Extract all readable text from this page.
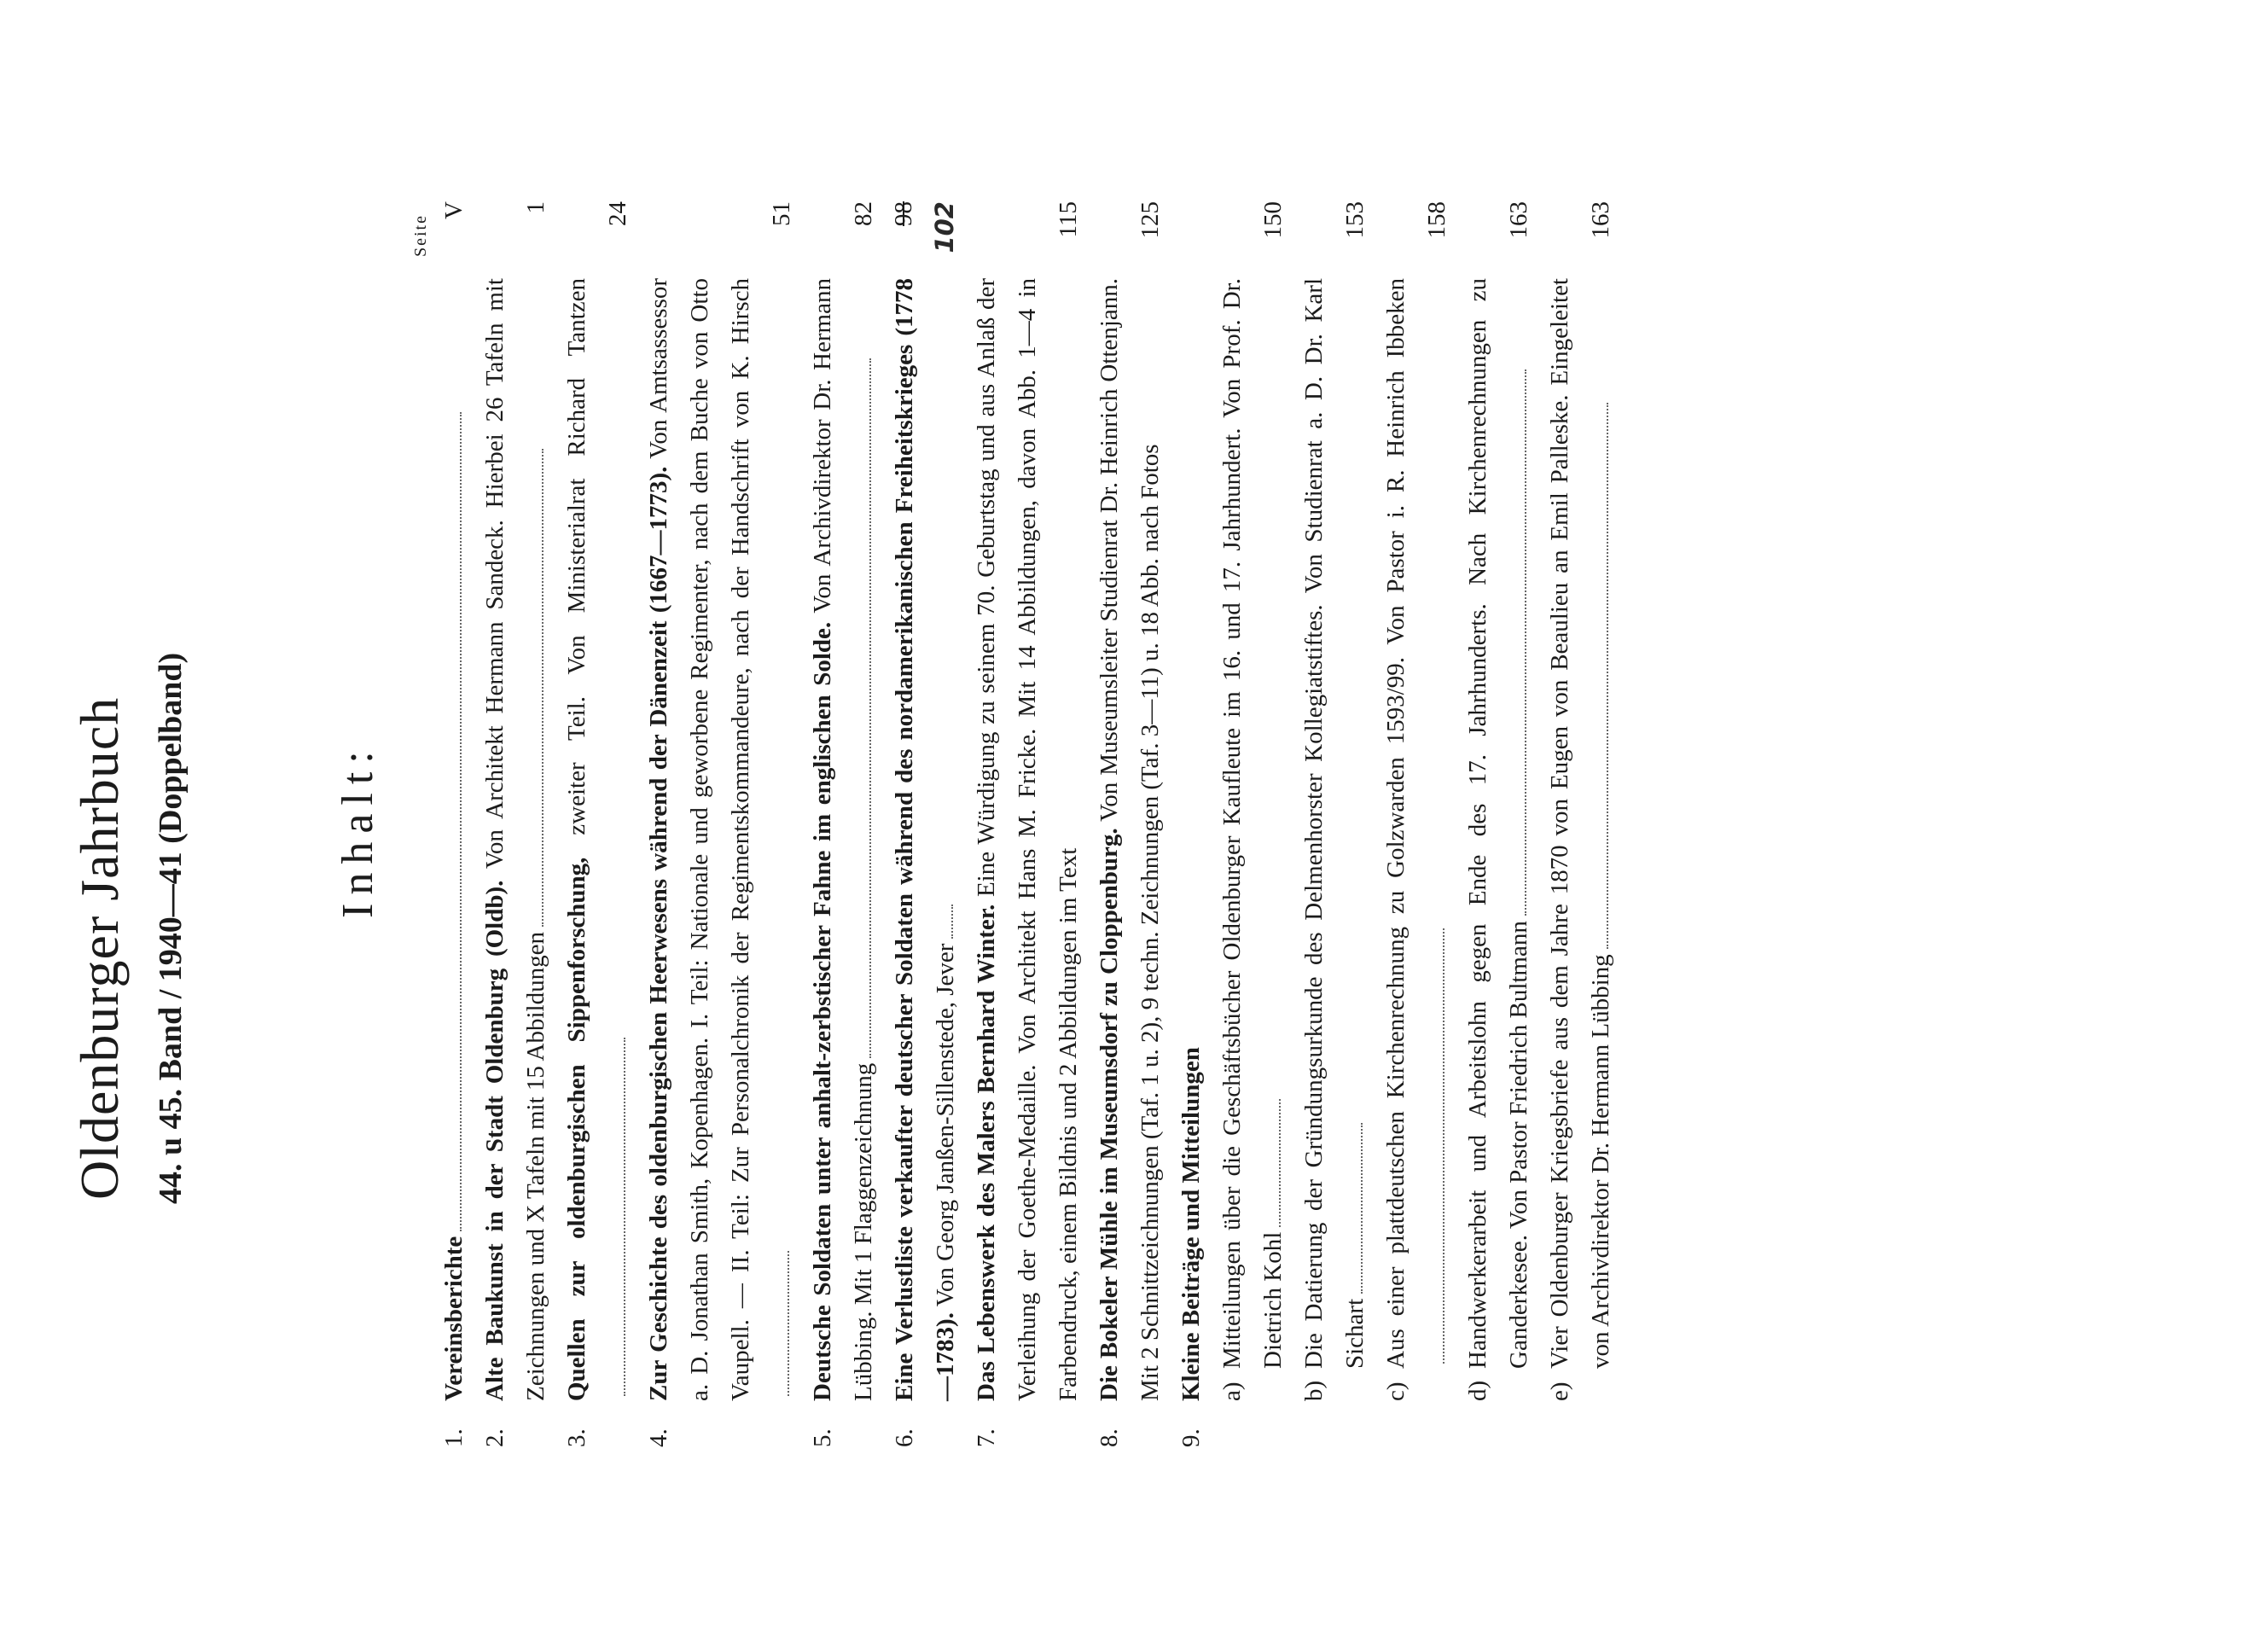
Oldenburger Jahrbuch 44. u 45. Band / 1940—41 (Doppelband)	Inhalt:
Seite
1.
Vereinsberichte
V
2.
Alte Baukunst in der Stadt Oldenburg (Oldb). Von Architekt Hermann Sandeck. Hierbei 26 Tafeln mit Zeichnungen und X Tafeln mit 15 Abbildungen
1
3.
Quellen zur oldenburgischen Sippenforschung, zweiter Teil. Von Ministerialrat Richard Tantzen
24
4.
Zur Geschichte des oldenburgischen Heerwesens während der Dänenzeit (1667—1773). Von Amtsassessor a. D. Jonathan Smith, Kopenhagen. I. Teil: Nationale und geworbene Regimenter, nach dem Buche von Otto Vaupell. — II. Teil: Zur Personalchronik der Regimentskommandeure, nach der Handschrift von K. Hirsch
51
5.
Deutsche Soldaten unter anhalt-zerbstischer Fahne im englischen Solde. Von Archivdirektor Dr. Hermann Lübbing. Mit 1 Flaggenzeichnung
82
6.
Eine Verlustliste verkaufter deutscher Soldaten während des nordamerikanischen Freiheitskrieges (1778—1783). Von Georg Janßen-Sillenstede, Jever
98 102
7.
Das Lebenswerk des Malers Bernhard Winter. Eine Würdigung zu seinem 70. Geburtstag und aus Anlaß der Verleihung der Goethe-Medaille. Von Architekt Hans M. Fricke. Mit 14 Abbildungen, davon Abb. 1—4 in Farbendruck, einem Bildnis und 2 Abbildungen im Text
115
8.
Die Bokeler Mühle im Museumsdorf zu Cloppenburg. Von Museumsleiter Studienrat Dr. Heinrich Ottenjann. Mit 2 Schnittzeichnungen (Taf. 1 u. 2), 9 techn. Zeichnungen (Taf. 3—11) u. 18 Abb. nach Fotos
125
9.
Kleine Beiträge und Mitteilungen a)
Mitteilungen über die Geschäftsbücher Oldenburger Kaufleute im 16. und 17. Jahrhundert. Von Prof. Dr. Dietrich Kohl
150
b)
Die Datierung der Gründungsurkunde des Delmenhorster Kollegiatstiftes. Von Studienrat a. D. Dr. Karl Sichart
153
c)
Aus einer plattdeutschen Kirchenrechnung zu Golzwarden 1593/99. Von Pastor i. R. Heinrich Ibbeken
158
d)
Handwerkerarbeit und Arbeitslohn gegen Ende des 17. Jahrhunderts. Nach Kirchenrechnungen zu Ganderkesee. Von Pastor Friedrich Bultmann
163
e)
Vier Oldenburger Kriegsbriefe aus dem Jahre 1870 von Eugen von Beaulieu an Emil Palleske. Eingeleitet von Archivdirektor Dr. Hermann Lübbing
163
